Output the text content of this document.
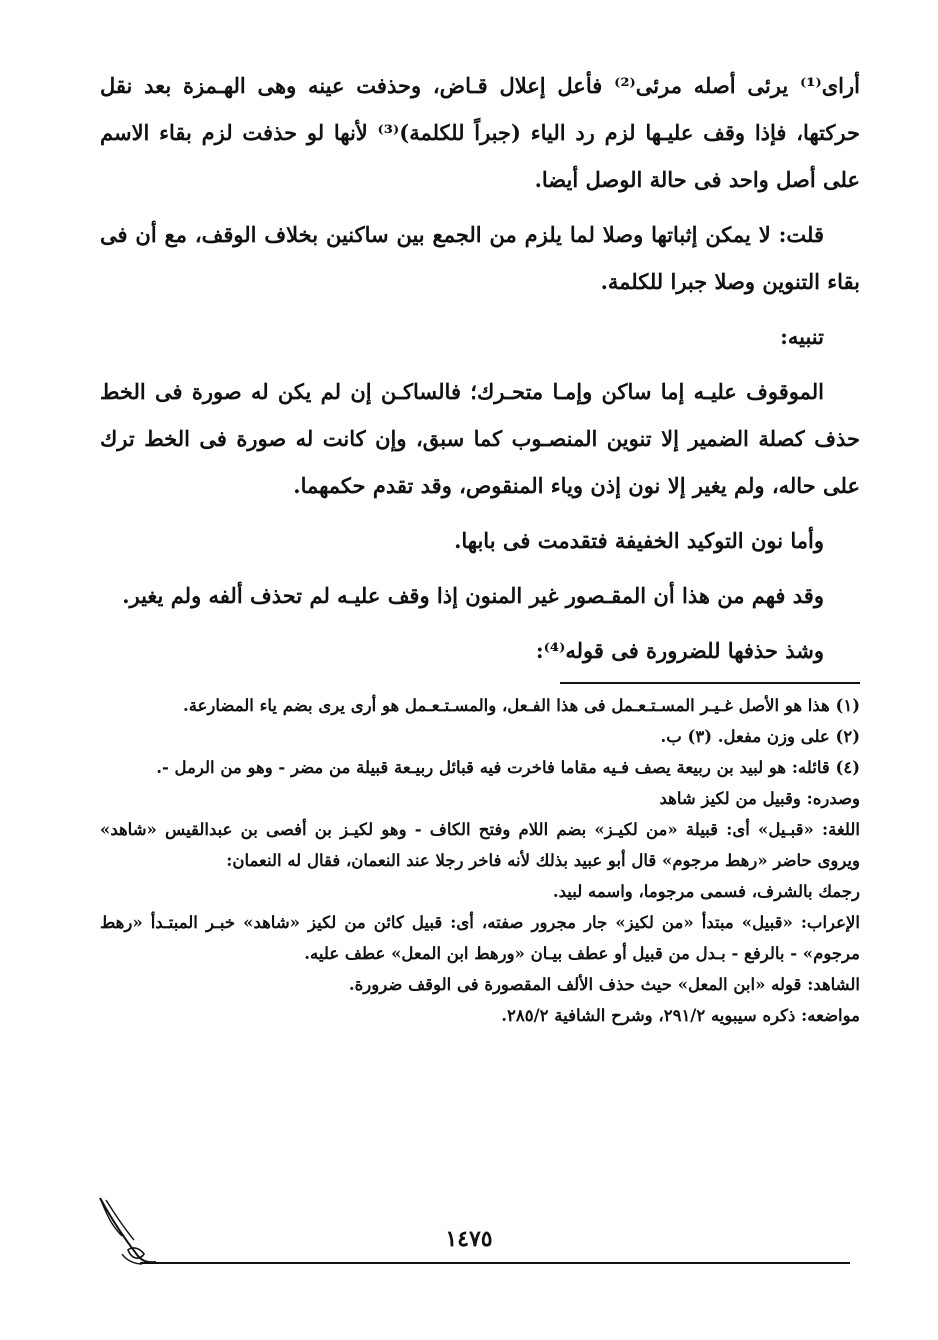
أراى⁽¹⁾ يرئى أصله مرئى⁽²⁾ فأعل إعلال قـاض، وحذفت عينه وهى الهـمزة بعد نقل حركتها، فإذا وقف عليـها لزم رد الياء (جبراً للكلمة)⁽³⁾ لأنها لو حذفت لزم بقاء الاسم على أصل واحد فى حالة الوصل أيضا.

قلت: لا يمكن إثباتها وصلا لما يلزم من الجمع بين ساكنين بخلاف الوقف، مع أن فى بقاء التنوين وصلا جبرا للكلمة.

تنبيه:

الموقوف عليـه إما ساكن وإمـا متحـرك؛ فالساكـن إن لم يكن له صورة فى الخط حذف كصلة الضمير إلا تنوين المنصـوب كما سبق، وإن كانت له صورة فى الخط ترك على حاله، ولم يغير إلا نون إذن وياء المنقوص، وقد تقدم حكمهما.

وأما نون التوكيد الخفيفة فتقدمت فى بابها.

وقد فهم من هذا أن المقـصور غير المنون إذا وقف عليـه لم تحذف ألفه ولم يغير.

وشذ حذفها للضرورة فى قوله⁽⁴⁾:

(١) هذا هو الأصل غـيـر المسـتـعـمل فى هذا الفـعل، والمسـتـعـمل هو أرى يرى بضم ياء المضارعة.

(٢) على وزن مفعل. (٣) ب.

(٤) قائله: هو لبيد بن ربيعة يصف فـيه مقاما فاخرت فيه قبائل ربيـعة قبيلة من مضر - وهو من الرمل -.

وصدره: وقبيل من لكيز شاهد

اللغة: «قبـيل» أى: قبيلة «من لكيـز» بضم اللام وفتح الكاف - وهو لكيـز بن أفصى بن عبدالقيس «شاهد» ويروى حاضر «رهط مرجوم» قال أبو عبيد بذلك لأنه فاخر رجلا عند النعمان، فقال له النعمان:

رجمك بالشرف، فسمى مرجوما، واسمه لبيد.

الإعراب: «قبيل» مبتدأ «من لكيز» جار مجرور صفته، أى: قبيل كائن من لكيز «شاهد» خبـر المبتـدأ «رهط مرجوم» - بالرفع - بـدل من قبيل أو عطف بيـان «ورهط ابن المعل» عطف عليه.

الشاهد: قوله «ابن المعل» حيث حذف الألف المقصورة فى الوقف ضرورة.

مواضعه: ذكره سيبويه ٢٩١/٢، وشرح الشافية ٢٨٥/٢.

١٤٧٥
